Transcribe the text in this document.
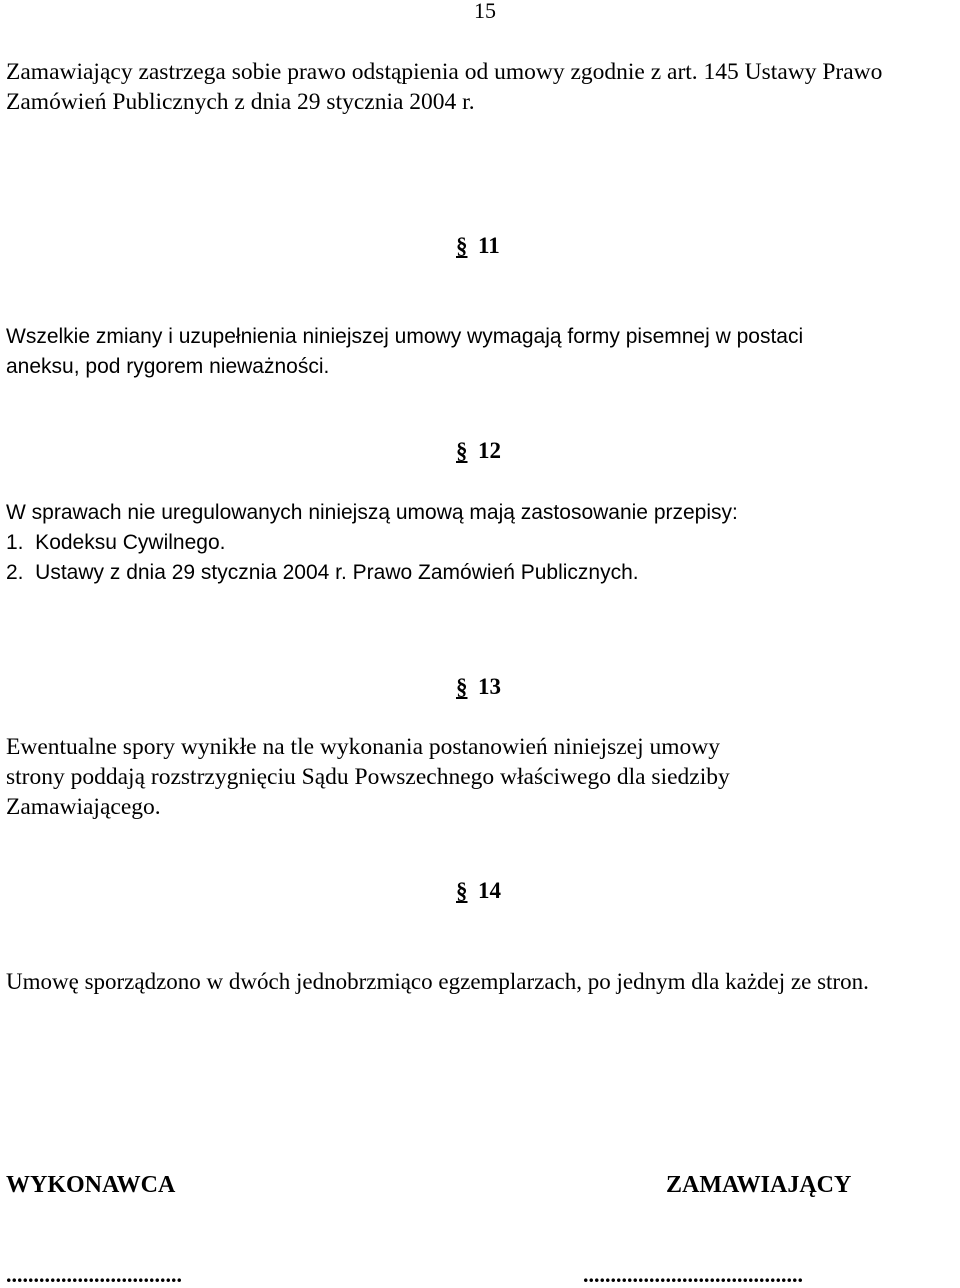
15
Zamawiający zastrzega sobie prawo odstąpienia od umowy zgodnie z art. 145 Ustawy Prawo
Zamówień Publicznych z dnia 29 stycznia 2004 r.
§ 11
Wszelkie zmiany i uzupełnienia niniejszej umowy wymagają formy pisemnej w postaci
aneksu, pod rygorem nieważności.
§ 12
W sprawach nie uregulowanych niniejszą umową mają zastosowanie przepisy:
1.  Kodeksu Cywilnego.
2.  Ustawy z dnia 29 stycznia 2004 r. Prawo Zamówień Publicznych.
§ 13
Ewentualne spory wynikłe na tle wykonania postanowień niniejszej umowy
strony poddają rozstrzygnięciu Sądu Powszechnego właściwego dla siedziby
Zamawiającego.
§ 14
Umowę sporządzono w dwóch jednobrzmiąco egzemplarzach, po jednym dla każdej ze stron.
WYKONAWCA	ZAMAWIAJĄCY
................................	........................................
